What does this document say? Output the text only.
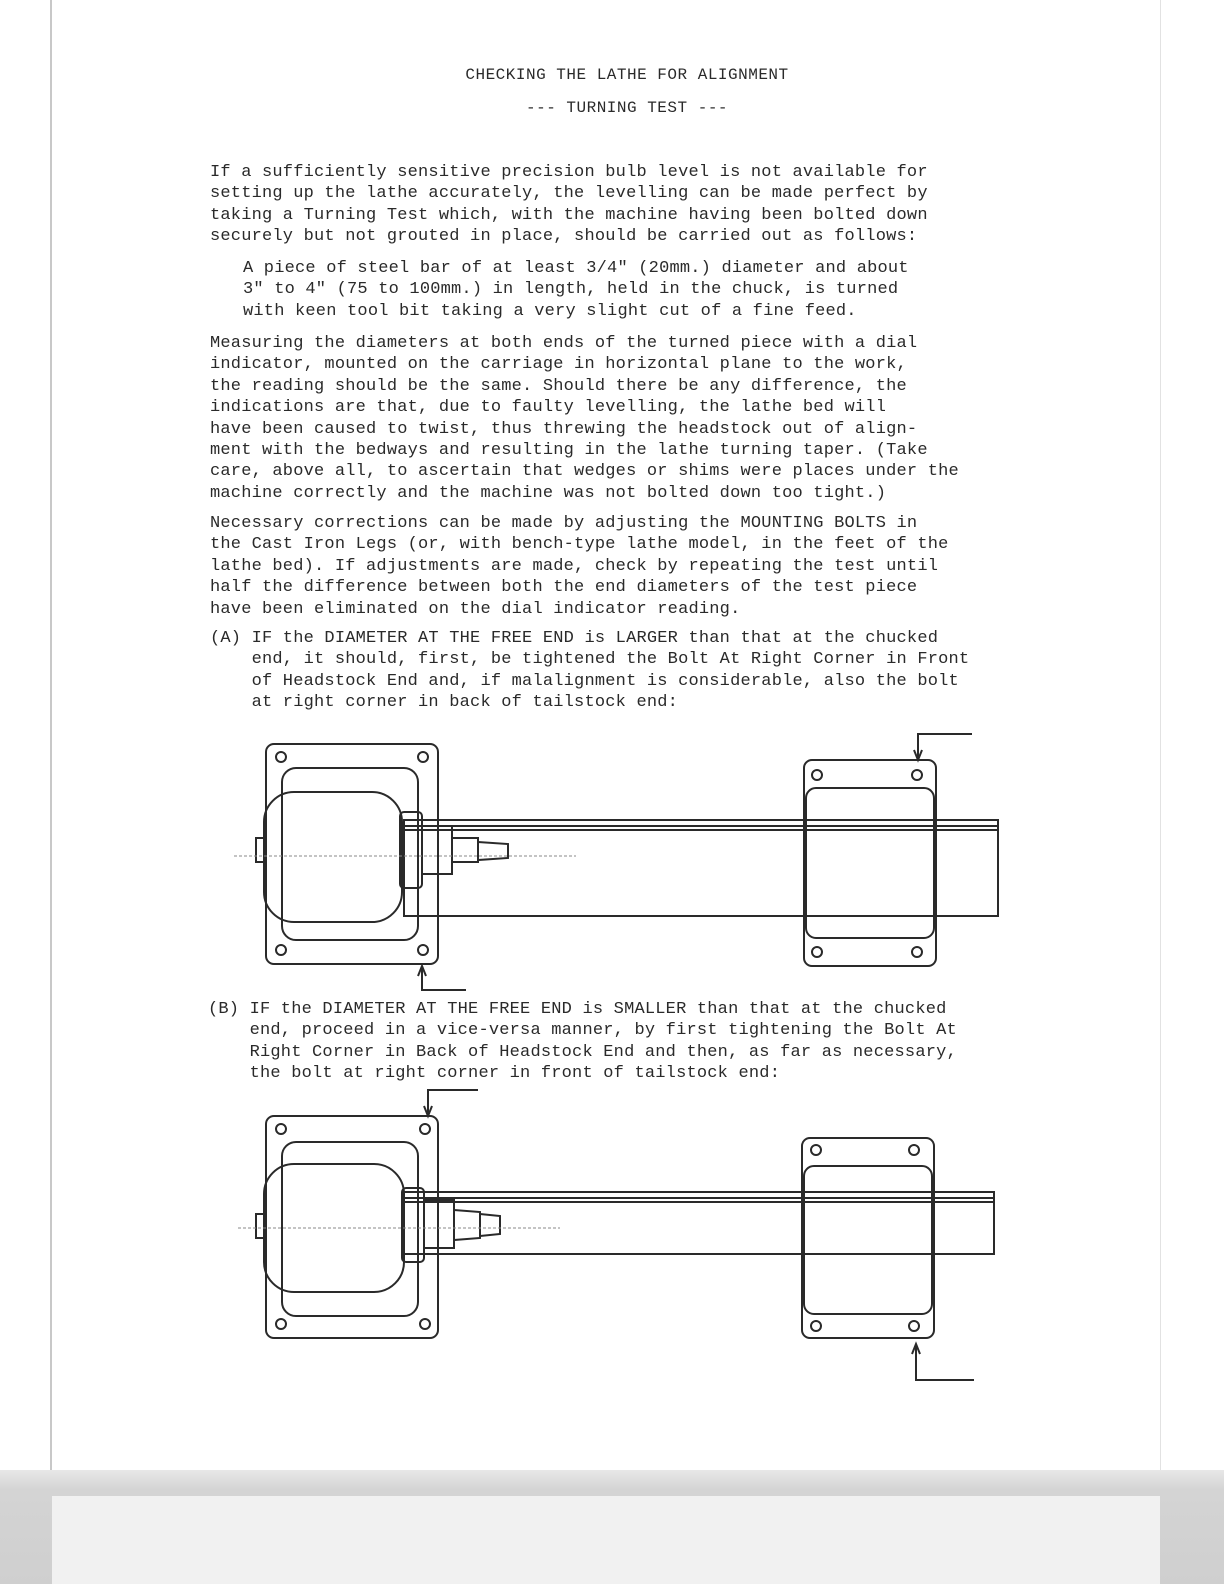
CHECKING THE LATHE FOR ALIGNMENT
--- TURNING TEST ---
If a sufficiently sensitive precision bulb level is not available for
setting up the lathe accurately, the levelling can be made perfect by
taking a Turning Test which, with the machine having been bolted down
securely but not grouted in place, should be carried out as follows:
A piece of steel bar of at least 3/4" (20mm.) diameter and about
3" to 4" (75 to 100mm.) in length, held in the chuck, is turned
with keen tool bit taking a very slight cut of a fine feed.
Measuring the diameters at both ends of the turned piece with a dial
indicator, mounted on the carriage in horizontal plane to the work,
the reading should be the same. Should there be any difference, the
indications are that, due to faulty levelling, the lathe bed will
have been caused to twist, thus threwing the headstock out of align-
ment with the bedways and resulting in the lathe turning taper. (Take
care, above all, to ascertain that wedges or shims were places under the
machine correctly and the machine was not bolted down too tight.)
Necessary corrections can be made by adjusting the MOUNTING BOLTS in
the Cast Iron Legs (or, with bench-type lathe model, in the feet of the
lathe bed). If adjustments are made, check by repeating the test until
half the difference between both the end diameters of the test piece
have been eliminated on the dial indicator reading.
(A) IF the DIAMETER AT THE FREE END is LARGER than that at the chucked
end, it should, first, be tightened the Bolt At Right Corner in Front
of Headstock End and, if malalignment is considerable, also the bolt
at right corner in back of tailstock end:
(B) IF the DIAMETER AT THE FREE END is SMALLER than that at the chucked
end, proceed in a vice-versa manner, by first tightening the Bolt At
Right Corner in Back of Headstock End and then, as far as necessary,
the bolt at right corner in front of tailstock end:
